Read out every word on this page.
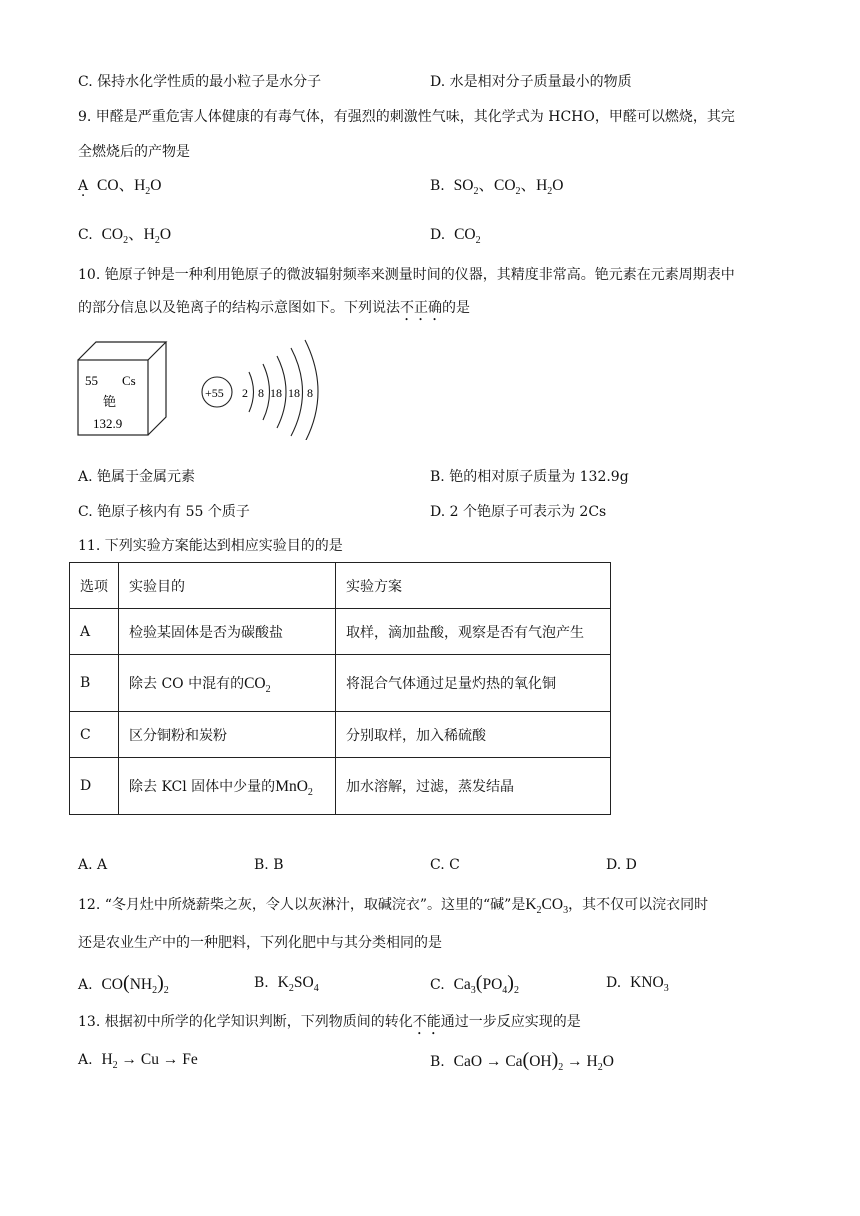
C. 保持水化学性质的最小粒子是水分子	D. 水是相对分子质量最小的物质
9. 甲醛是严重危害人体健康的有毒气体，有强烈的刺激性气味，其化学式为 HCHO，甲醛可以燃烧，其完
全燃烧后的产物是
A · CO、$H_2O$	B. $SO_2$、$CO_2$、$H_2O$
C. $CO_2$、$H_2O$	D. $CO_2$
10. 铯原子钟是一种利用铯原子的微波辐射频率来测量时间的仪器，其精度非常高。铯元素在元素周期表中
的部分信息以及铯离子的结构示意图如下。下列说法不正确的是
55 Cs
铯
132.9
+55 2 8 18 18 8
A. 铯属于金属元素	B. 铯的相对原子质量为 132.9g
C. 铯原子核内有 55 个质子	D. 2 个铯原子可表示为 2Cs
11. 下列实验方案能达到相应实验目的的是
选项	实验目的	实验方案
A	检验某固体是否为碳酸盐	取样，滴加盐酸，观察是否有气泡产生
B	除去 CO 中混有的$CO_2$	将混合气体通过足量灼热的氧化铜
C	区分铜粉和炭粉	分别取样，加入稀硫酸
D	除去 KCl 固体中少量的MnO$_2$	加水溶解，过滤，蒸发结晶
A. A	B. B	C. C	D. D
12. “冬月灶中所烧薪柴之灰，令人以灰淋汁，取碱浣衣”。这里的“碱”是$K_2CO_3$，其不仅可以浣衣同时
还是农业生产中的一种肥料，下列化肥中与其分类相同的是
A. $CO(NH_2)_2$	B. $K_2SO_4$	C. $Ca_3(PO_4)_2$	D. $KNO_3$
13. 根据初中所学的化学知识判断，下列物质间的转化不能通过一步反应实现的是
A. $H_2 \to Cu \to Fe$	B. CaO → $Ca(OH)_2 \to H_2O$
